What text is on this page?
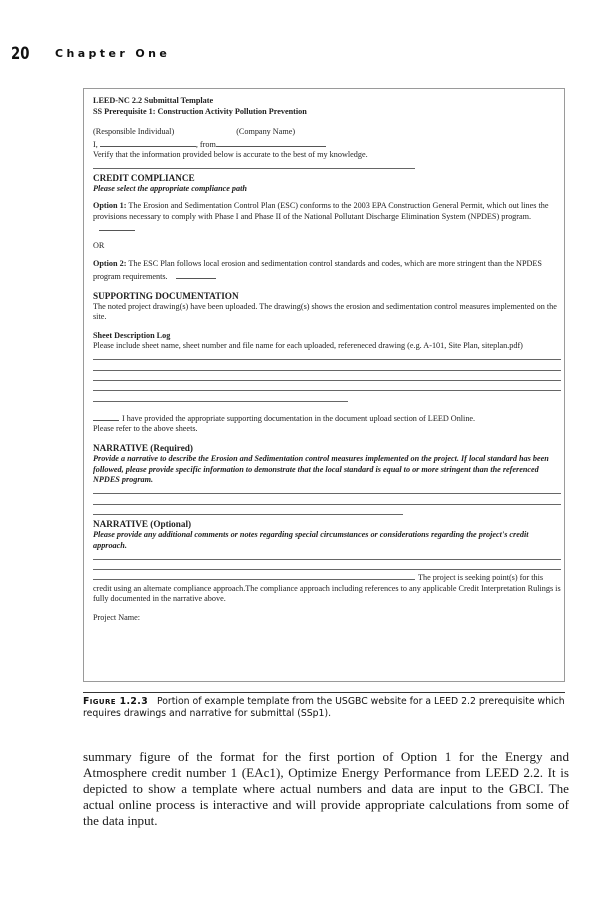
20 Chapter One

LEED-NC 2.2 Submittal Template

SS Prerequisite 1: Construction Activity Pollution Prevention

(Responsible Individual)	(Company Name)

I,	, from

Verify that the information provided below is accurate to the best of my knowledge.

CREDIT COMPLIANCE

Please select the appropriate compliance path

Option 1: The Erosion and Sedimentation Control Plan (ESC) conforms to the 2003 EPA Construction General Permit, which out lines the provisions necessary to comply with Phase I and Phase II of the National Pollutant Discharge Elimination System (NPDES) program.

OR

Option 2: The ESC Plan follows local erosion and sedimentation control standards and codes, which are more stringent than the NPDES program requirements.

SUPPORTING DOCUMENTATION

The noted project drawing(s) have been uploaded. The drawing(s) shows the erosion and sedimentation control measures implemented on the site.

Sheet Description Log

Please include sheet name, sheet number and file name for each uploaded, refereneced drawing (e.g. A-101, Site Plan, siteplan.pdf)

I have provided the appropriate supporting documentation in the document upload section of LEED Online.

Please refer to the above sheets.

NARRATIVE (Required)

Provide a narrative to describe the Erosion and Sedimentation control measures implemented on the project. If local standard has been followed, please provide specific information to demonstrate that the local standard is equal to or more stringent than the referenced NPDES program.

NARRATIVE (Optional)

Please provide any additional comments or notes regarding special circumstances or considerations regarding the project's credit approach.

The project is seeking point(s) for this

credit using an alternate compliance approach.The compliance approach including references to any applicable Credit Interpretation Rulings is fully documented in the narrative above.

Project Name:

Figure 1.2.3 Portion of example template from the USGBC website for a LEED 2.2 prerequisite which requires drawings and narrative for submittal (SSp1).
summary figure of the format for the first portion of Option 1 for the Energy and Atmosphere credit number 1 (EAc1), Optimize Energy Performance from LEED 2.2. It is depicted to show a template where actual numbers and data are input to the GBCI. The actual online process is interactive and will provide appropriate calculations from some of the data input.
